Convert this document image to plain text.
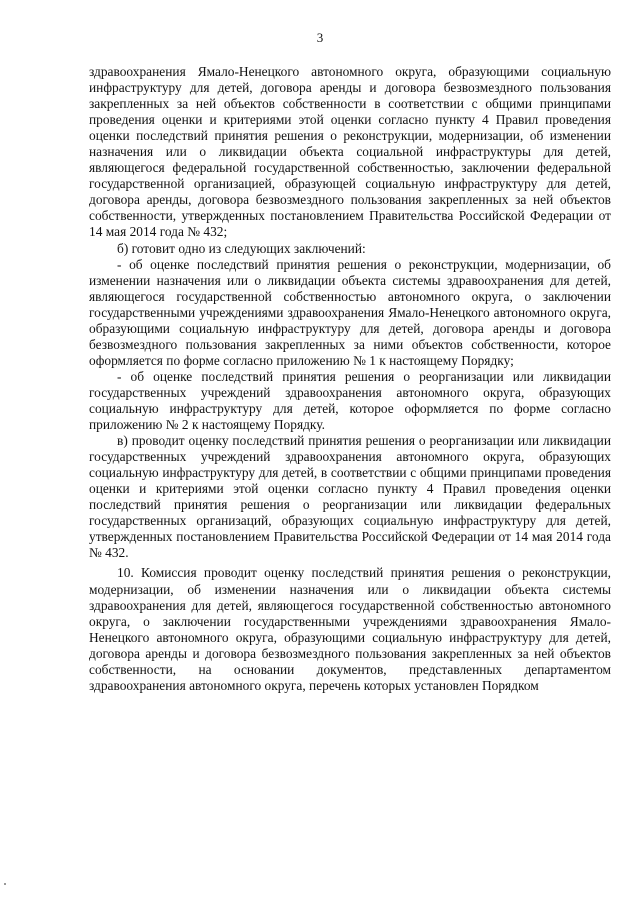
3

здравоохранения Ямало-Ненецкого автономного округа, образующими социальную инфраструктуру для детей, договора аренды и договора безвозмездного пользования закрепленных за ней объектов собственности в соответствии с общими принципами проведения оценки и критериями этой оценки согласно пункту 4 Правил проведения оценки последствий принятия решения о реконструкции, модернизации, об изменении назначения или о ликвидации объекта социальной инфраструктуры для детей, являющегося федеральной государственной собственностью, заключении федеральной государственной организацией, образующей социальную инфраструктуру для детей, договора аренды, договора безвозмездного пользования закрепленных за ней объектов собственности, утвержденных постановлением Правительства Российской Федерации от 14 мая 2014 года № 432;

б) готовит одно из следующих заключений:

- об оценке последствий принятия решения о реконструкции, модернизации, об изменении назначения или о ликвидации объекта системы здравоохранения для детей, являющегося государственной собственностью автономного округа, о заключении государственными учреждениями здравоохранения Ямало-Ненецкого автономного округа, образующими социальную инфраструктуру для детей, договора аренды и договора безвозмездного пользования закрепленных за ними объектов собственности, которое оформляется по форме согласно приложению № 1 к настоящему Порядку;

- об оценке последствий принятия решения о реорганизации или ликвидации государственных учреждений здравоохранения автономного округа, образующих социальную инфраструктуру для детей, которое оформляется по форме согласно приложению № 2 к настоящему Порядку.

в) проводит оценку последствий принятия решения о реорганизации или ликвидации государственных учреждений здравоохранения автономного округа, образующих социальную инфраструктуру для детей, в соответствии с общими принципами проведения оценки и критериями этой оценки согласно пункту 4 Правил проведения оценки последствий принятия решения о реорганизации или ликвидации федеральных государственных организаций, образующих социальную инфраструктуру для детей, утвержденных постановлением Правительства Российской Федерации от 14 мая 2014 года № 432.

10. Комиссия проводит оценку последствий принятия решения о реконструкции, модернизации, об изменении назначения или о ликвидации объекта системы здравоохранения для детей, являющегося государственной собственностью автономного округа, о заключении государственными учреждениями здравоохранения Ямало-Ненецкого автономного округа, образующими социальную инфраструктуру для детей, договора аренды и договора безвозмездного пользования закрепленных за ней объектов собственности, на основании документов, представленных департаментом здравоохранения автономного округа, перечень которых установлен Порядком
